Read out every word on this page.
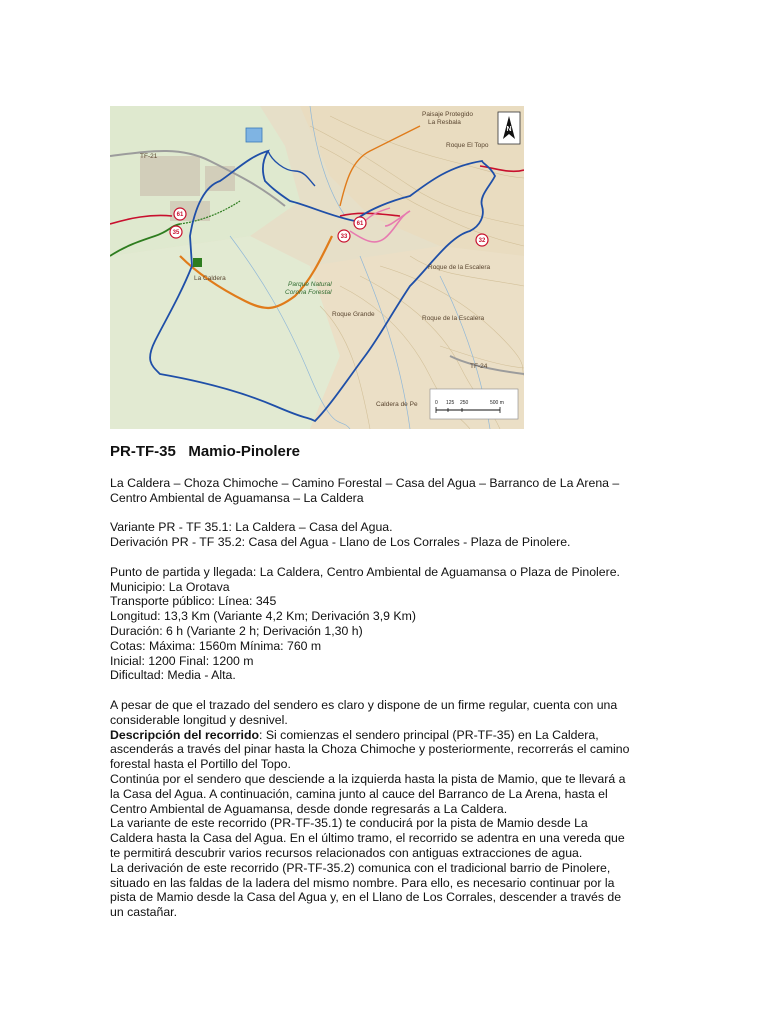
61
35
61
33
32
Paisaje Protegido
La Resbala
Roque El Topo
La Caldera
Parque Natural
Corona Forestal
Roque de la Escalera
Roque de la Escalera
Roque Grande
Caldera de Pe
TF-21
TF-24
N
0 125 250	500 m
PR-TF-35   Mamio-Pinolere

La Caldera – Choza Chimoche – Camino Forestal – Casa del Agua – Barranco de La Arena –

Centro Ambiental de Aguamansa – La Caldera

Variante PR - TF 35.1: La Caldera – Casa del Agua.

Derivación PR - TF 35.2: Casa del Agua - Llano de Los Corrales - Plaza de Pinolere.

Punto de partida y llegada: La Caldera, Centro Ambiental de Aguamansa o Plaza de Pinolere.

Municipio: La Orotava

Transporte público: Línea: 345

Longitud: 13,3 Km (Variante 4,2 Km; Derivación 3,9 Km)

Duración: 6 h (Variante 2 h; Derivación 1,30 h)

Cotas: Máxima: 1560m Mínima: 760 m

Inicial: 1200 Final: 1200 m

Dificultad: Media - Alta.

A pesar de que el trazado del sendero es claro y dispone de un firme regular, cuenta con una

considerable longitud y desnivel.

Descripción del recorrido: Si comienzas el sendero principal (PR-TF-35) en La Caldera,

ascenderás a través del pinar hasta la Choza Chimoche y posteriormente, recorrerás el camino

forestal hasta el Portillo del Topo.

Continúa por el sendero que desciende a la izquierda hasta la pista de Mamio, que te llevará a

la Casa del Agua. A continuación, camina junto al cauce del Barranco de La Arena, hasta el

Centro Ambiental de Aguamansa, desde donde regresarás a La Caldera.

La variante de este recorrido (PR-TF-35.1) te conducirá por la pista de Mamio desde La

Caldera hasta la Casa del Agua. En el último tramo, el recorrido se adentra en una vereda que

te permitirá descubrir varios recursos relacionados con antiguas extracciones de agua.

La derivación de este recorrido (PR-TF-35.2) comunica con el tradicional barrio de Pinolere,

situado en las faldas de la ladera del mismo nombre. Para ello, es necesario continuar por la

pista de Mamio desde la Casa del Agua y, en el Llano de Los Corrales, descender a través de

un castañar.
